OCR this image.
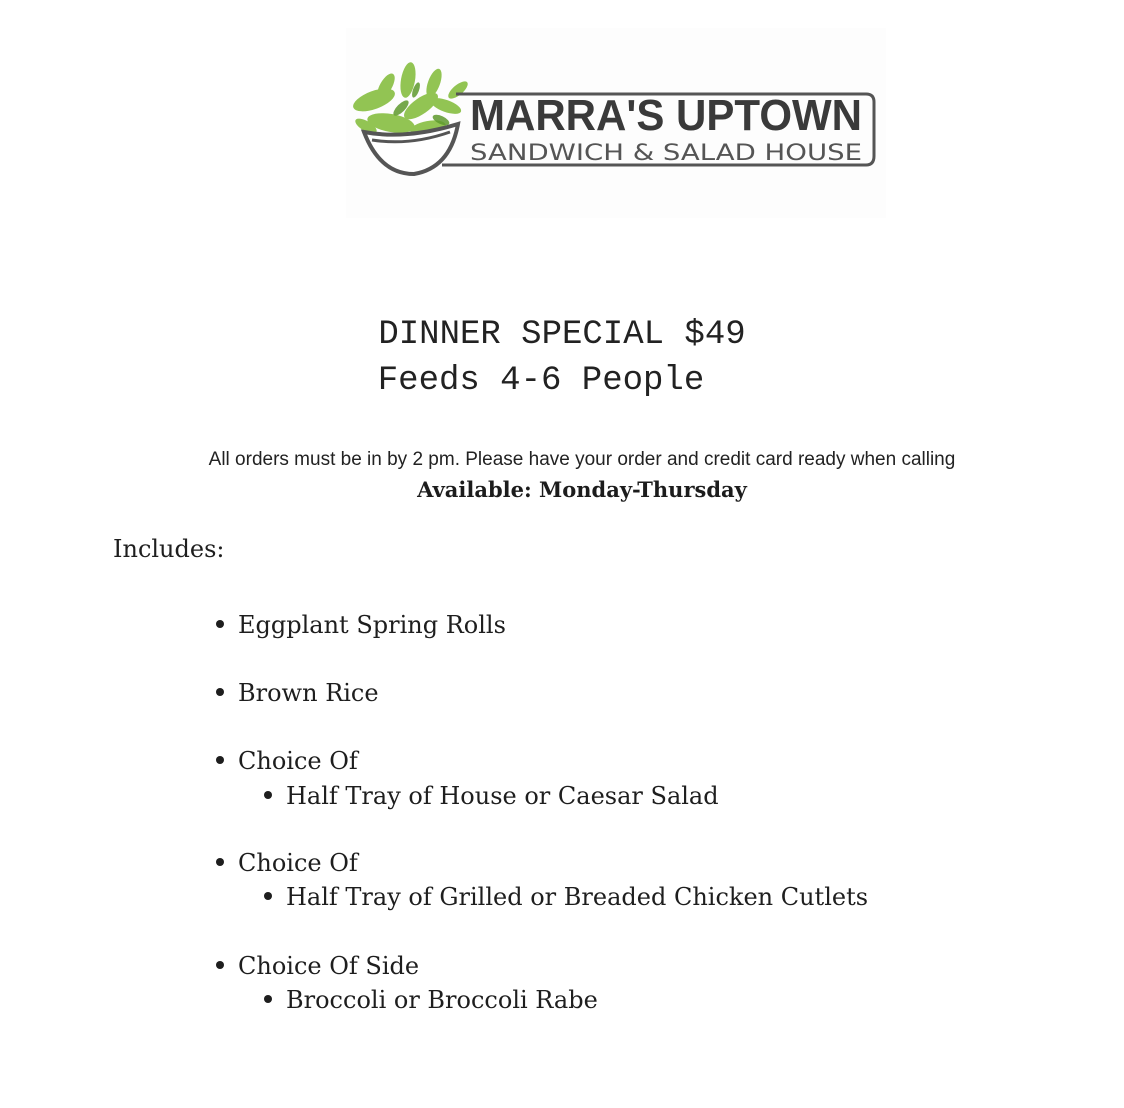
MARRA'S UPTOWN
SANDWICH & SALAD HOUSE
DINNER SPECIAL $49
Feeds 4-6 People
All orders must be in by 2 pm. Please have your order and credit card ready when calling
Available: Monday-Thursday
Includes:
Eggplant Spring Rolls
Brown Rice
Choice Of
Half Tray of House or Caesar Salad
Choice Of
Half Tray of Grilled or Breaded Chicken Cutlets
Choice Of Side
Broccoli or Broccoli Rabe
